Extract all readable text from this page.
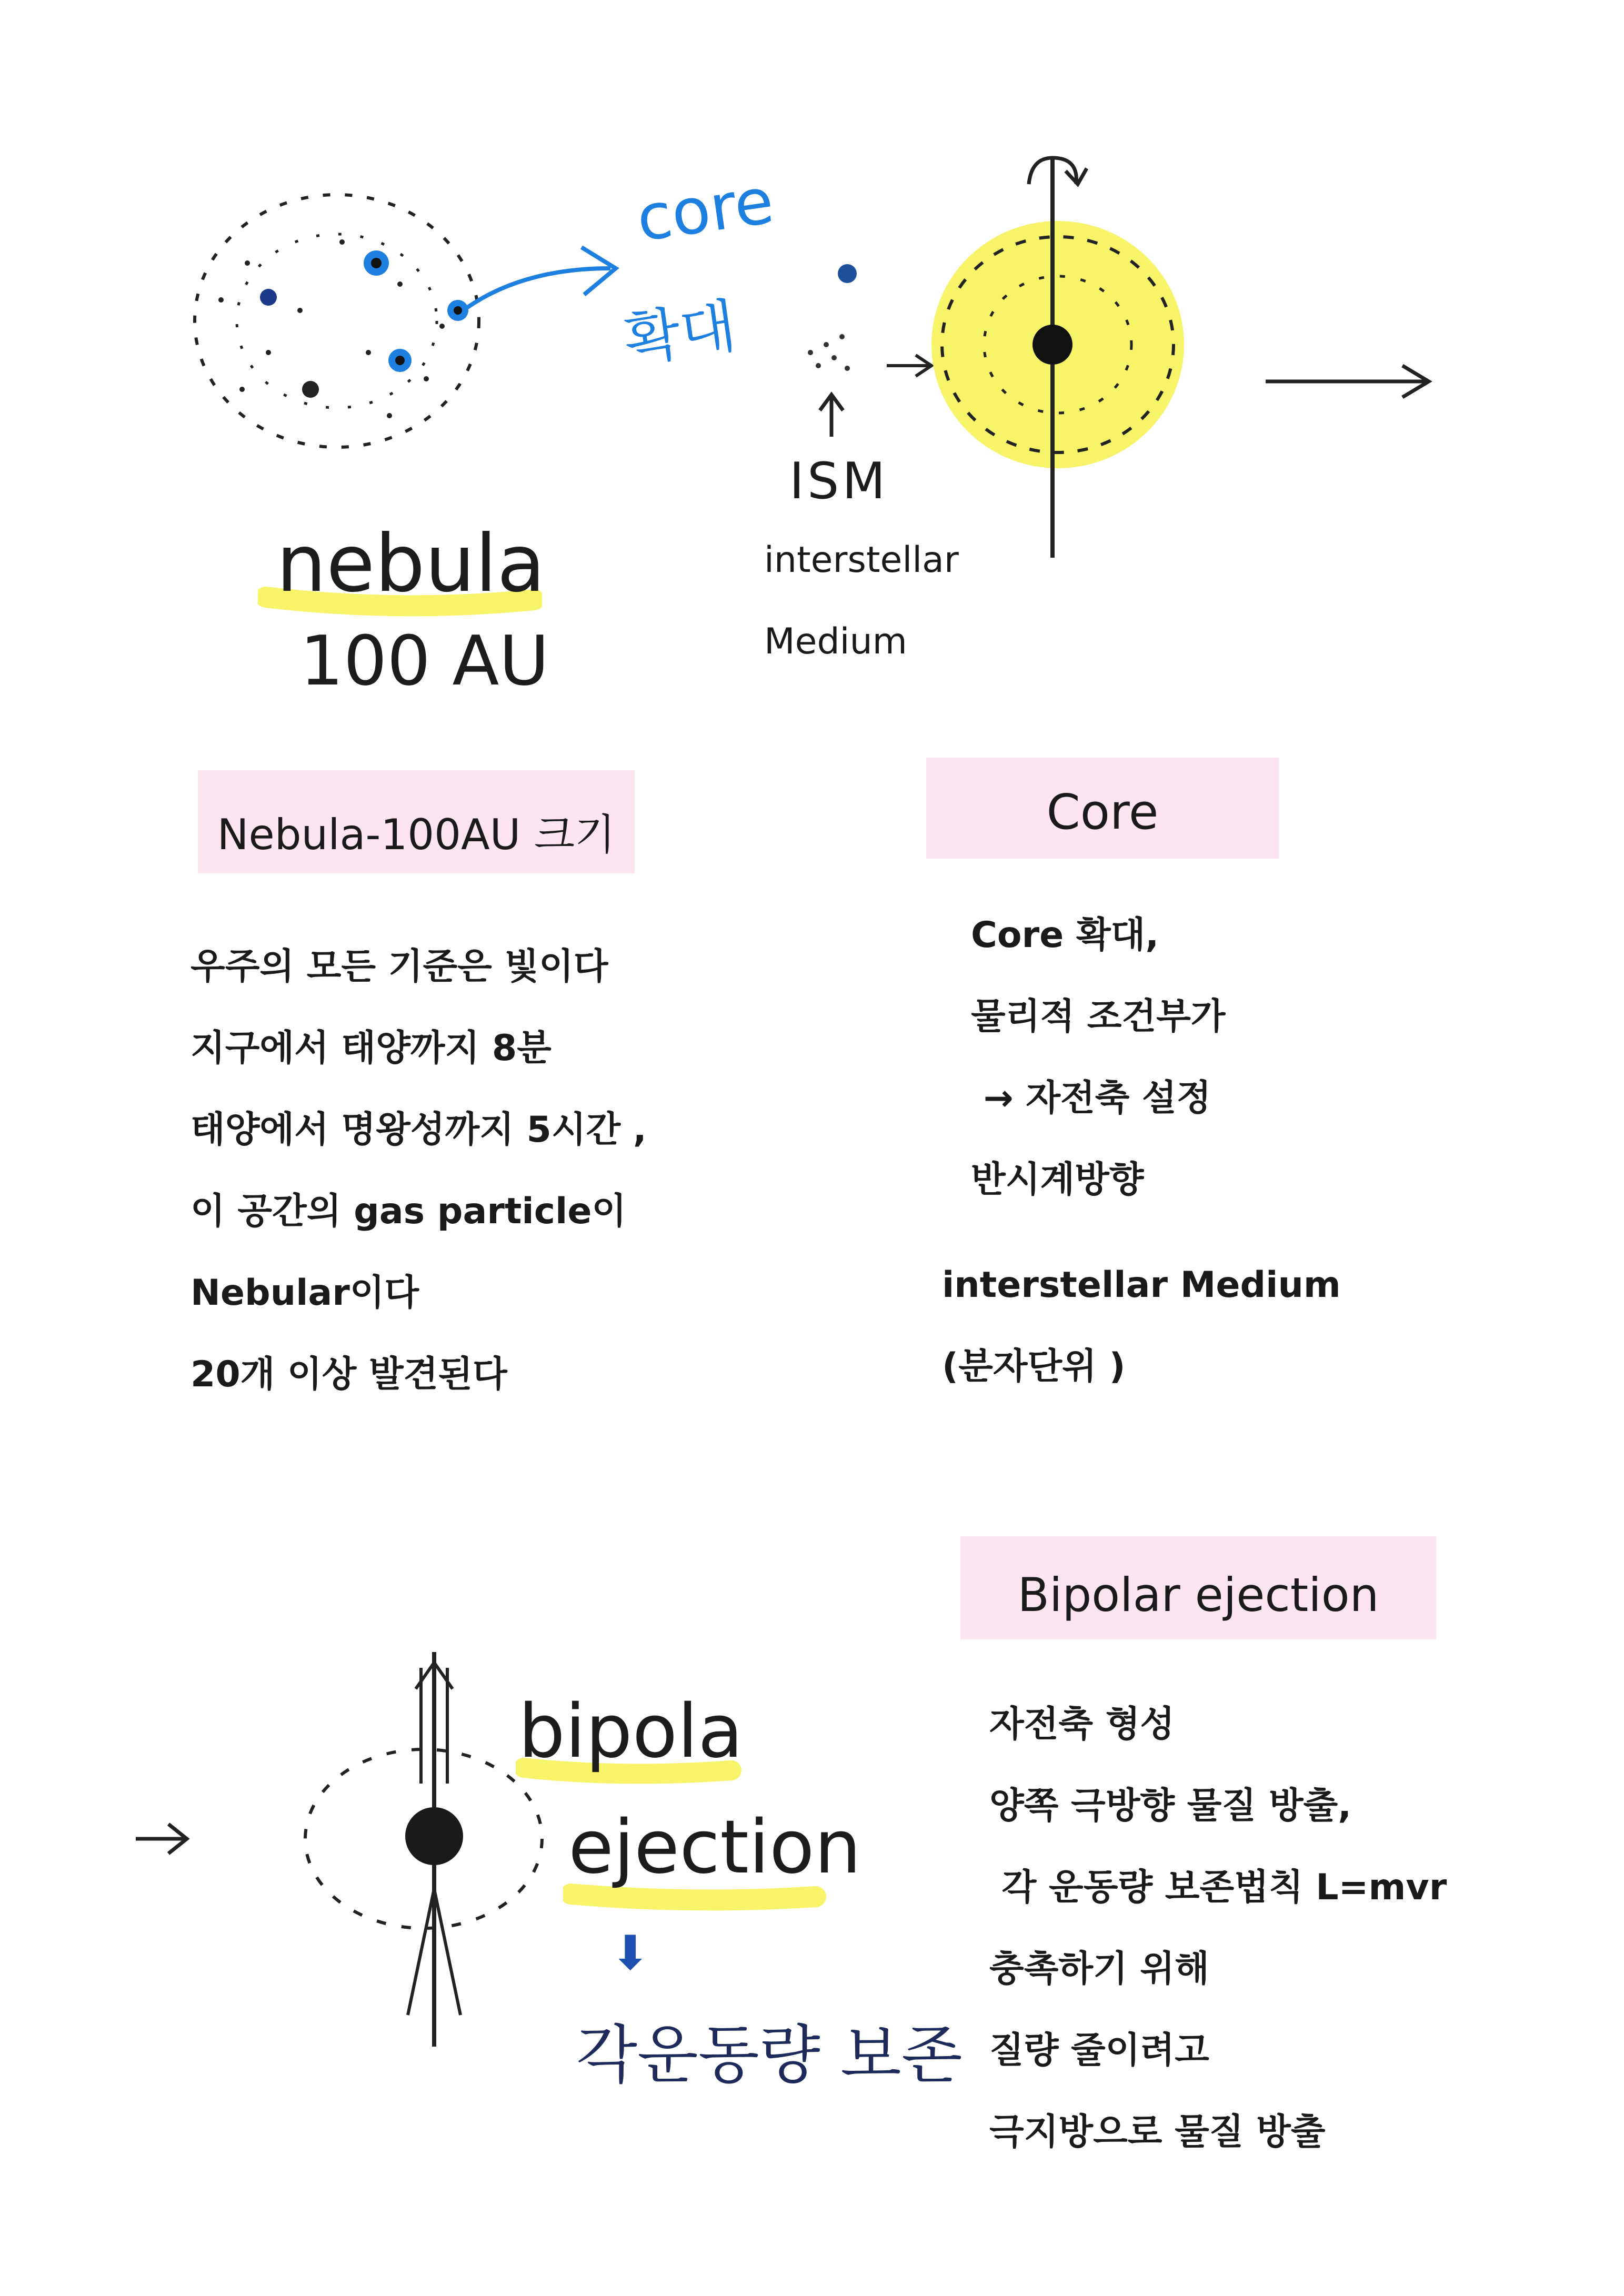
core
확대
nebula
100 AU
ISM
interstellar
Medium
Nebula-100AU 크기
우주의 모든 기준은 빛이다
지구에서 태양까지 8분
태양에서 명왕성까지 5시간 ,
이 공간의 gas particle이
Nebular이다
20개 이상 발견된다
Core
Core 확대,
물리적 조건부가
→ 자전축 설정
반시계방향
interstellar Medium
(분자단위 )
bipola
ejection
⬇
각운동량 보존
Bipolar ejection
자전축 형성
양쪽 극방향 물질 방출,
각 운동량 보존법칙 L=mvr
충촉하기 위해
질량 줄이려고
극지방으로 물질 방출
